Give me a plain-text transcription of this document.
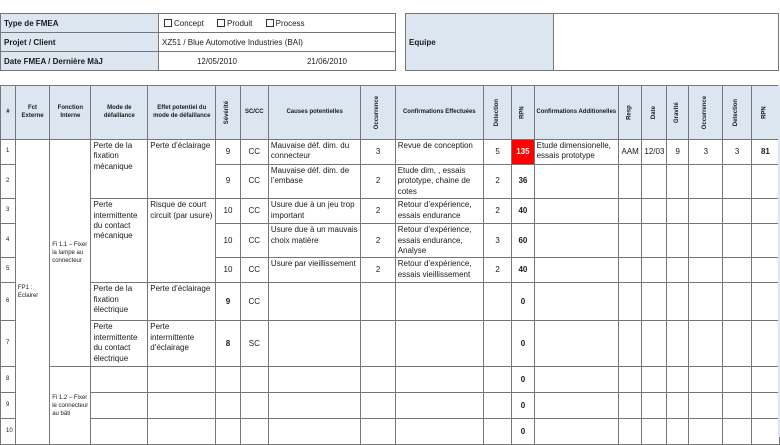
Type de FMEA	Concept Produit Process
Projet / Client	XZ51 / Blue Automotive Industries (BAI)
Date FMEA / Dernière MàJ	12/05/2010 21/06/2010
Equipe	
#	Fct Externe	Fonction Interne	Mode de défaillance	Effet potentiel du mode de défaillance	Sévérité	SC/CC	Causes potentielles	Occurrence	Confirmations Effectuées	Detection	RPN	Confirmations Additionelles	Resp	Date	Gravité	Occurrence	Detection	RPN
1	FP1 : Eclairer	Fi 1.1 – Fixer la lampe au connecteur	Perte de la fixation mécanique	Perte d’éclairage	9	CC	Mauvaise déf. dim. du connecteur	3	Revue de conception	5	135	Etude dimensionelle, essais prototype	AAM	12/03	9	3	3	81
2					9	CC	Mauvaise déf. dim. de l’embase	2	Etude dim, , essais prototype, chaine de cotes	2	36							
3			Perte intermittente du contact mécanique	Risque de court circuit (par usure)	10	CC	Usure due à un jeu trop important	2	Retour d’expérience, essais endurance	2	40							
4					10	CC	Usure due à un mauvais choix matière	2	Retour d’expérience, essais endurance, Analyse	3	60							
5					10	CC	Usure par vieillissement	2	Retour d’expérience, essais vieillissement	2	40							
6			Perte de la fixation électrique	Perte d’éclairage	9	CC					0							
7			Perte intermittente du contact électrique	Perte intermittente d’éclairage	8	SC					0							
8		Fi 1.2 – Fixer le connecteur au bâti									0							
9											0							
10											0							
